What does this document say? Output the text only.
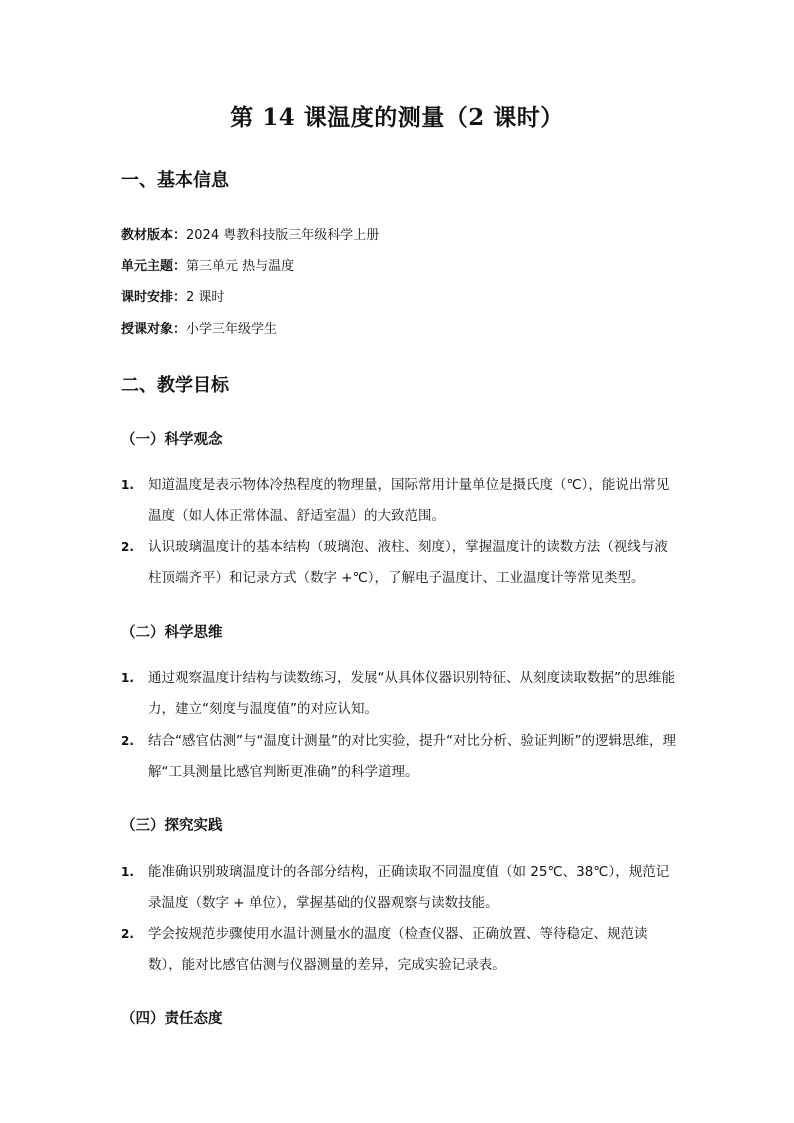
第 14 课温度的测量（2 课时）
一、基本信息
教材版本：2024 粤教科技版三年级科学上册
单元主题：第三单元 热与温度
课时安排：2 课时
授课对象：小学三年级学生
二、教学目标
（一）科学观念
1. 知道温度是表示物体冷热程度的物理量，国际常用计量单位是摄氏度（℃），能说出常见温度（如人体正常体温、舒适室温）的大致范围。
2. 认识玻璃温度计的基本结构（玻璃泡、液柱、刻度），掌握温度计的读数方法（视线与液柱顶端齐平）和记录方式（数字 +℃），了解电子温度计、工业温度计等常见类型。
（二）科学思维
1. 通过观察温度计结构与读数练习，发展“从具体仪器识别特征、从刻度读取数据”的思维能力，建立“刻度与温度值”的对应认知。
2. 结合“感官估测”与“温度计测量”的对比实验，提升“对比分析、验证判断”的逻辑思维，理解“工具测量比感官判断更准确”的科学道理。
（三）探究实践
1. 能准确识别玻璃温度计的各部分结构，正确读取不同温度值（如 25℃、38℃），规范记录温度（数字 + 单位），掌握基础的仪器观察与读数技能。
2. 学会按规范步骤使用水温计测量水的温度（检查仪器、正确放置、等待稳定、规范读数），能对比感官估测与仪器测量的差异，完成实验记录表。
（四）责任态度
